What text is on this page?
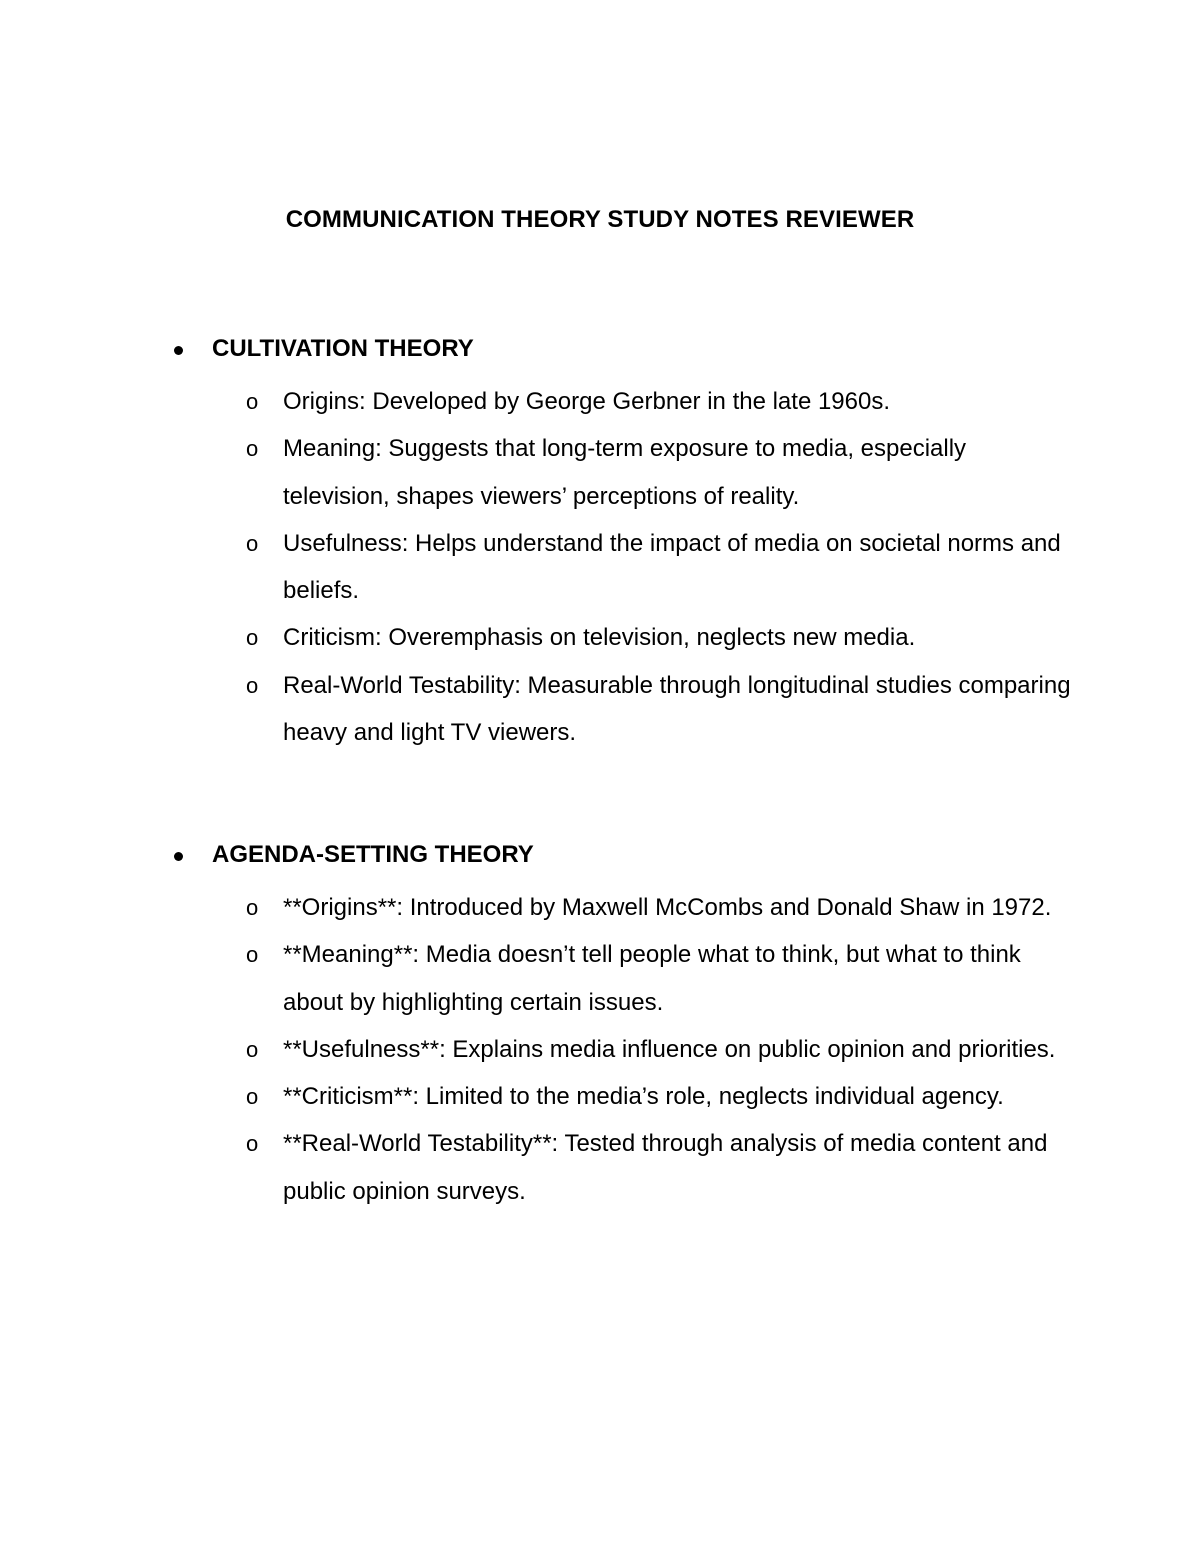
COMMUNICATION THEORY STUDY NOTES REVIEWER
CULTIVATION THEORY
o Origins: Developed by George Gerbner in the late 1960s.
o Meaning: Suggests that long-term exposure to media, especially television, shapes viewers’ perceptions of reality.
o Usefulness: Helps understand the impact of media on societal norms and beliefs.
o Criticism: Overemphasis on television, neglects new media.
o Real-World Testability: Measurable through longitudinal studies comparing heavy and light TV viewers.
AGENDA-SETTING THEORY
o **Origins**: Introduced by Maxwell McCombs and Donald Shaw in 1972.
o **Meaning**: Media doesn’t tell people what to think, but what to think about by highlighting certain issues.
o **Usefulness**: Explains media influence on public opinion and priorities.
o **Criticism**: Limited to the media’s role, neglects individual agency.
o **Real-World Testability**: Tested through analysis of media content and public opinion surveys.
